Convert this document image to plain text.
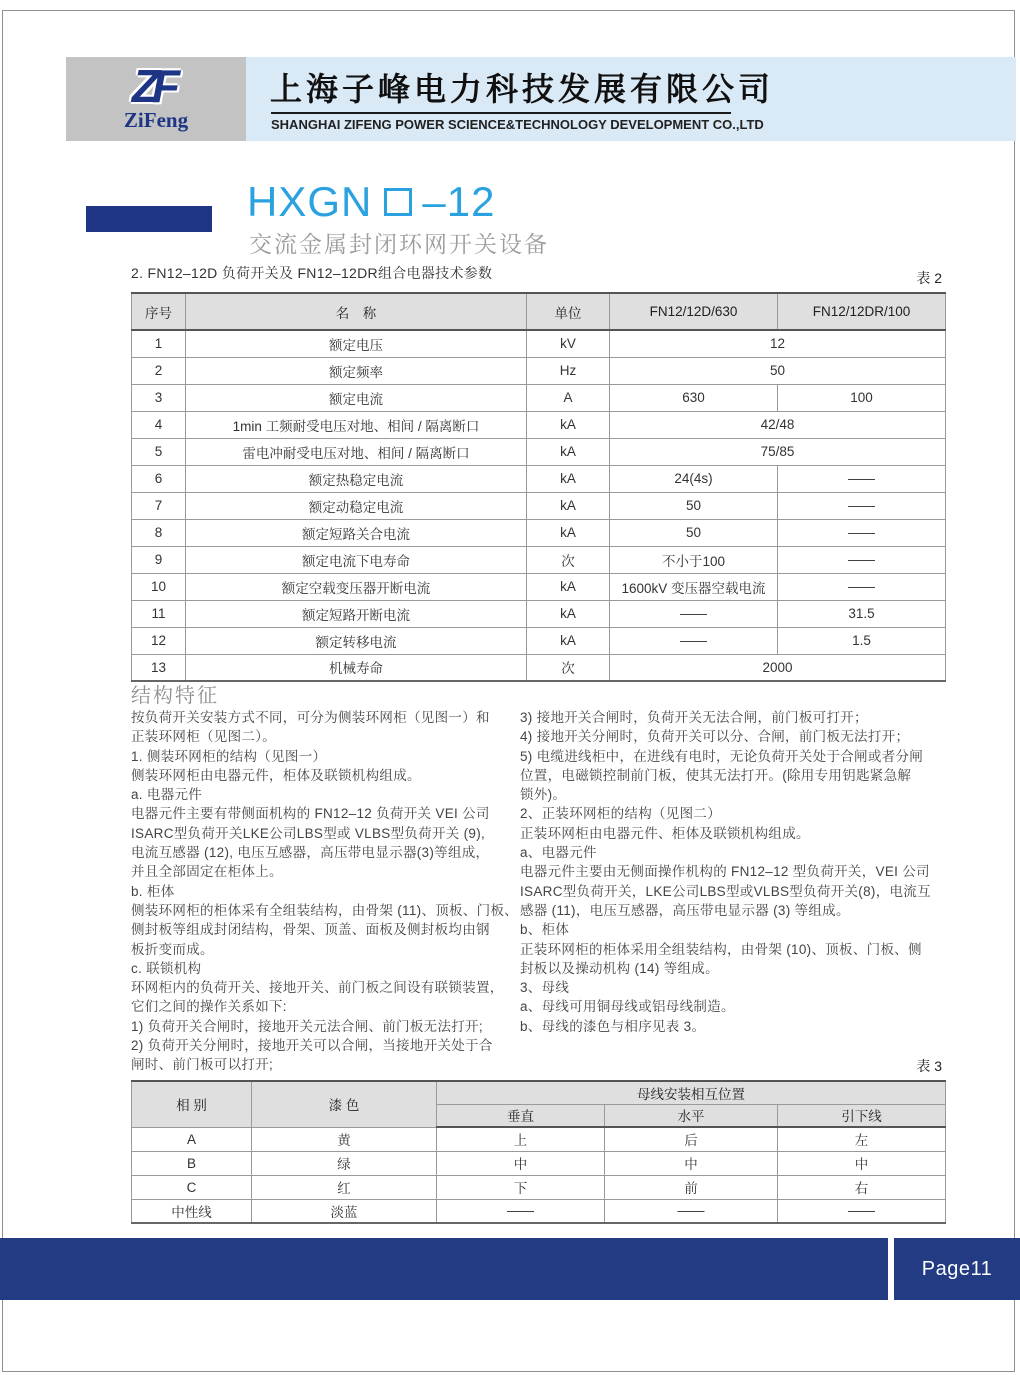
ZF
ZiFeng
上海子峰电力科技发展有限公司
SHANGHAI ZIFENG POWER SCIENCE&TECHNOLOGY DEVELOPMENT CO.,LTD
HXGN –12
交流金属封闭环网开关设备
2. FN12–12D 负荷开关及 FN12–12DR组合电器技术参数	表 2
序号	名　称	单位	FN12/12D/630	FN12/12DR/100
1	额定电压	kV	12	
2	额定频率	Hz	50	
3	额定电流	A	630	100
4	1min 工频耐受电压对地、相间 / 隔离断口	kA	42/48	
5	雷电冲耐受电压对地、相间 / 隔离断口	kA	75/85	
6	额定热稳定电流	kA	24(4s)	——
7	额定动稳定电流	kA	50	——
8	额定短路关合电流	kA	50	——
9	额定电流下电寿命	次	不小于100	——
10	额定空载变压器开断电流	kA	1600kV 变压器空载电流	——
11	额定短路开断电流	kA	——	31.5
12	额定转移电流	kA	——	1.5
13	机械寿命	次	2000	
结构特征
按负荷开关安装方式不同，可分为侧装环网柜（见图一）和
正装环网柜（见图二）。
1. 侧装环网柜的结构（见图一）
侧装环网柜由电器元件，柜体及联锁机构组成。
a. 电器元件
电器元件主要有带侧面机构的 FN12–12 负荷开关 VEI 公司
ISARC型负荷开关LKE公司LBS型或 VLBS型负荷开关 (9),
电流互感器 (12), 电压互感器，高压带电显示器(3)等组成，
并且全部固定在柜体上。
b. 柜体
侧装环网柜的柜体采有全组装结构，由骨架 (11)、顶板、门板、
侧封板等组成封闭结构，骨架、顶盖、面板及侧封板均由钢
板折变而成。
c. 联锁机构
环网柜内的负荷开关、接地开关、前门板之间设有联锁装置，
它们之间的操作关系如下:
1) 负荷开关合闸时，接地开关元法合闸、前门板无法打开;
2) 负荷开关分闸时，接地开关可以合闸，当接地开关处于合
闸时、前门板可以打开;
3) 接地开关合闸时，负荷开关无法合闸，前门板可打开；
4) 接地开关分闸时，负荷开关可以分、合闸，前门板无法打开；
5) 电缆进线柜中，在进线有电时，无论负荷开关处于合闸或者分闸
位置，电磁锁控制前门板，使其无法打开。(除用专用钥匙紧急解
锁外)。
2、正装环网柜的结构（见图二）
正装环网柜由电器元件、柜体及联锁机构组成。
a、电器元件
电器元件主要由无侧面操作机构的 FN12–12 型负荷开关，VEI 公司
ISARC型负荷开关，LKE公司LBS型或VLBS型负荷开关(8)，电流互
感器 (11)，电压互感器，高压带电显示器 (3) 等组成。
b、柜体
正装环网柜的柜体采用全组装结构，由骨架 (10)、顶板、门板、侧
封板以及操动机构 (14) 等组成。
3、母线
a、母线可用铜母线或铝母线制造。
b、母线的漆色与相序见表 3。
表 3
相 别	漆 色	母线安装相互位置		
		垂直	水平	引下线
A	黄	上	后	左
B	绿	中	中	中
C	红	下	前	右
中性线	淡蓝	——	——	——
Page11
